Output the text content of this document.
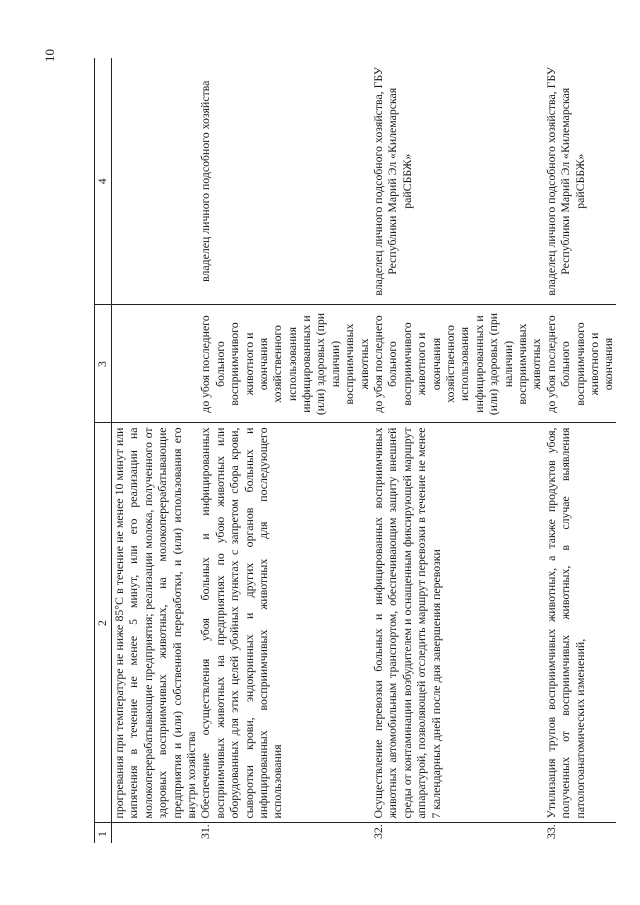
10
1	2	3	4
	прогревания при температуре не ниже 85°С в течение не менее 10 минут или кипячения в течение не менее 5 минут, или его реализации на молокоперерабатывающие предприятия; реализации молока, полученного от здоровых восприимчивых животных, на молокоперерабатывающие предприятия и (или) собственной переработки, и (или) использования его внутри хозяйства		
31.	Обеспечение осуществления убоя больных и инфицированных восприимчивых животных на предприятиях по убою животных или оборудованных для этих целей убойных пунктах с запретом сбора крови, сыворотки крови, эндокринных и других органов больных и инфицированных восприимчивых животных для последующего использования	до убоя последнего больного восприимчивого животного и окончания хозяйственного использования инфицированных и (или) здоровых (при наличии) восприимчивых животных	владелец личного подсобного хозяйства
32.	Осуществление перевозки больных и инфицированных восприимчивых животных автомобильным транспортом, обеспечивающим защиту внешней среды от контаминации возбудителем и оснащенным фиксирующей маршрут аппаратурой, позволяющей отследить маршрут перевозки в течение не менее 7 календарных дней после дня завершения перевозки	до убоя последнего больного восприимчивого животного и окончания хозяйственного использования инфицированных и (или) здоровых (при наличии) восприимчивых животных	владелец личного подсобного хозяйства, ГБУ Республики Марий Эл «Килемарская райСББЖ»
33.	Утилизация трупов восприимчивых животных, а также продуктов убоя, полученных от восприимчивых животных, в случае выявления патологоанатомических изменений,	до убоя последнего больного восприимчивого животного и окончания	владелец личного подсобного хозяйства, ГБУ Республики Марий Эл «Килемарская райСББЖ»
